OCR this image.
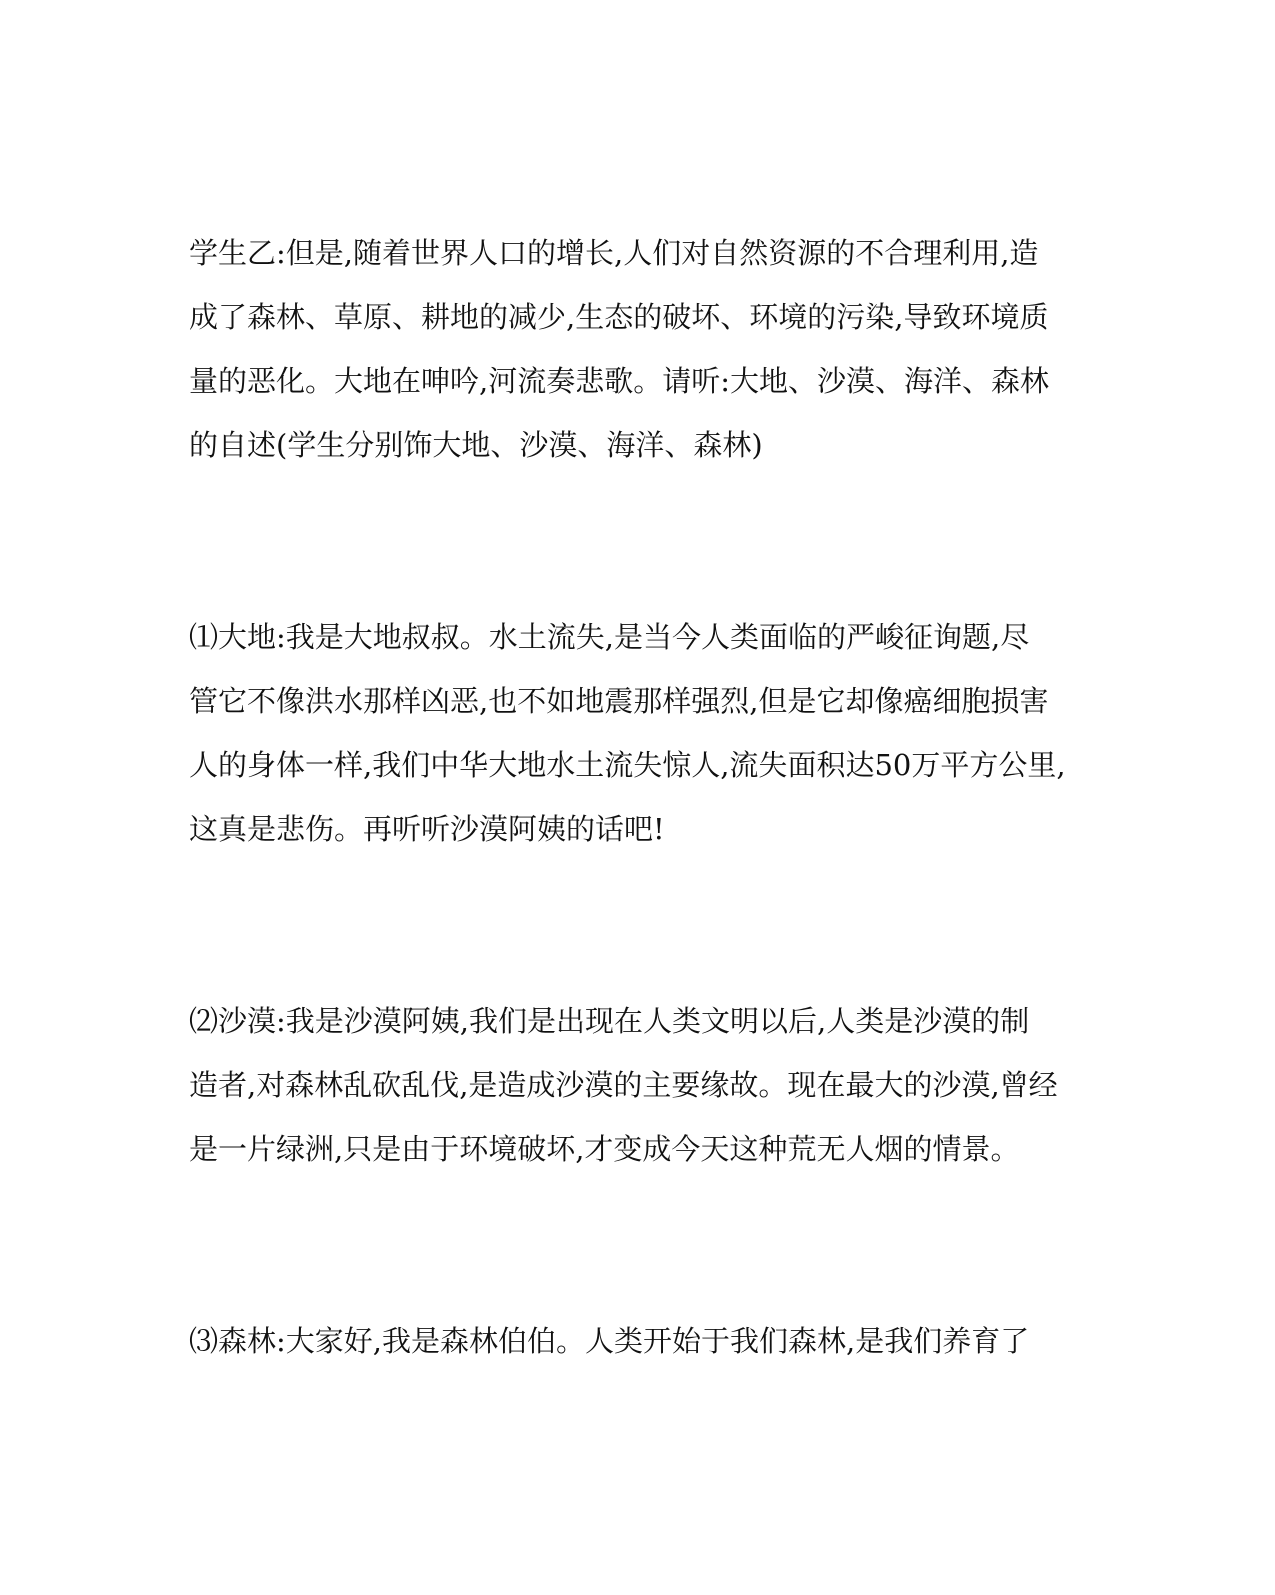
学生乙:但是,随着世界人口的增长,人们对自然资源的不合理利用,造
成了森林、草原、耕地的减少,生态的破坏、环境的污染,导致环境质
量的恶化。大地在呻吟,河流奏悲歌。请听:大地、沙漠、海洋、森林
的自述(学生分别饰大地、沙漠、海洋、森林)

⑴大地:我是大地叔叔。水土流失,是当今人类面临的严峻征询题,尽
管它不像洪水那样凶恶,也不如地震那样强烈,但是它却像癌细胞损害
人的身体一样,我们中华大地水土流失惊人,流失面积达50万平方公里,
这真是悲伤。再听听沙漠阿姨的话吧!

⑵沙漠:我是沙漠阿姨,我们是出现在人类文明以后,人类是沙漠的制
造者,对森林乱砍乱伐,是造成沙漠的主要缘故。现在最大的沙漠,曾经
是一片绿洲,只是由于环境破坏,才变成今天这种荒无人烟的情景。

⑶森林:大家好,我是森林伯伯。人类开始于我们森林,是我们养育了
